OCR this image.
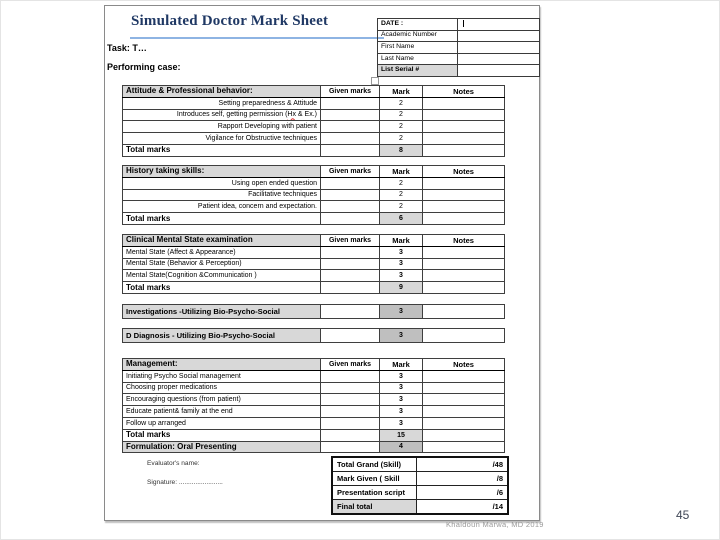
Simulated Doctor Mark Sheet
Task: T…
Performing case:
DATE :	
Academic Number	
First Name	
Last Name	
List Serial #	
Attitude & Professional behavior:	Given marks	Mark	Notes
Setting preparedness & Attitude		2	
Introduces self, getting permission (Hx & Ex.)		2	
Rapport Developing with patient		2	
Vigilance for Obstructive techniques		2	
Total marks		8	
History taking skills:	Given marks	Mark	Notes
Using open ended question		2	
Facilitative techniques		2	
Patient idea, concern and expectation.		2	
Total marks		6	
Clinical Mental State examination	Given marks	Mark	Notes
Mental State (Affect & Appearance)		3	
Mental State (Behavior & Perception)		3	
Mental State(Cognition &Communication )		3	
Total marks		9	
Investigations -Utilizing Bio-Psycho-Social		3	
D Diagnosis - Utilizing Bio-Psycho-Social		3	
Management:	Given marks	Mark	Notes
Initiating Psycho Social management		3	
Choosing proper medications		3	
Encouraging questions (from patient)		3	
Educate patient& family at the end		3	
Follow up arranged		3	
Total marks		15	
Formulation: Oral Presenting		4	
Evaluator's name:
Signature: ........................
Total Grand (Skill)	/48
Mark Given ( Skill	/8
Presentation script	/6
Final total	/14
Khaldoun Marwa, MD 2019
45
